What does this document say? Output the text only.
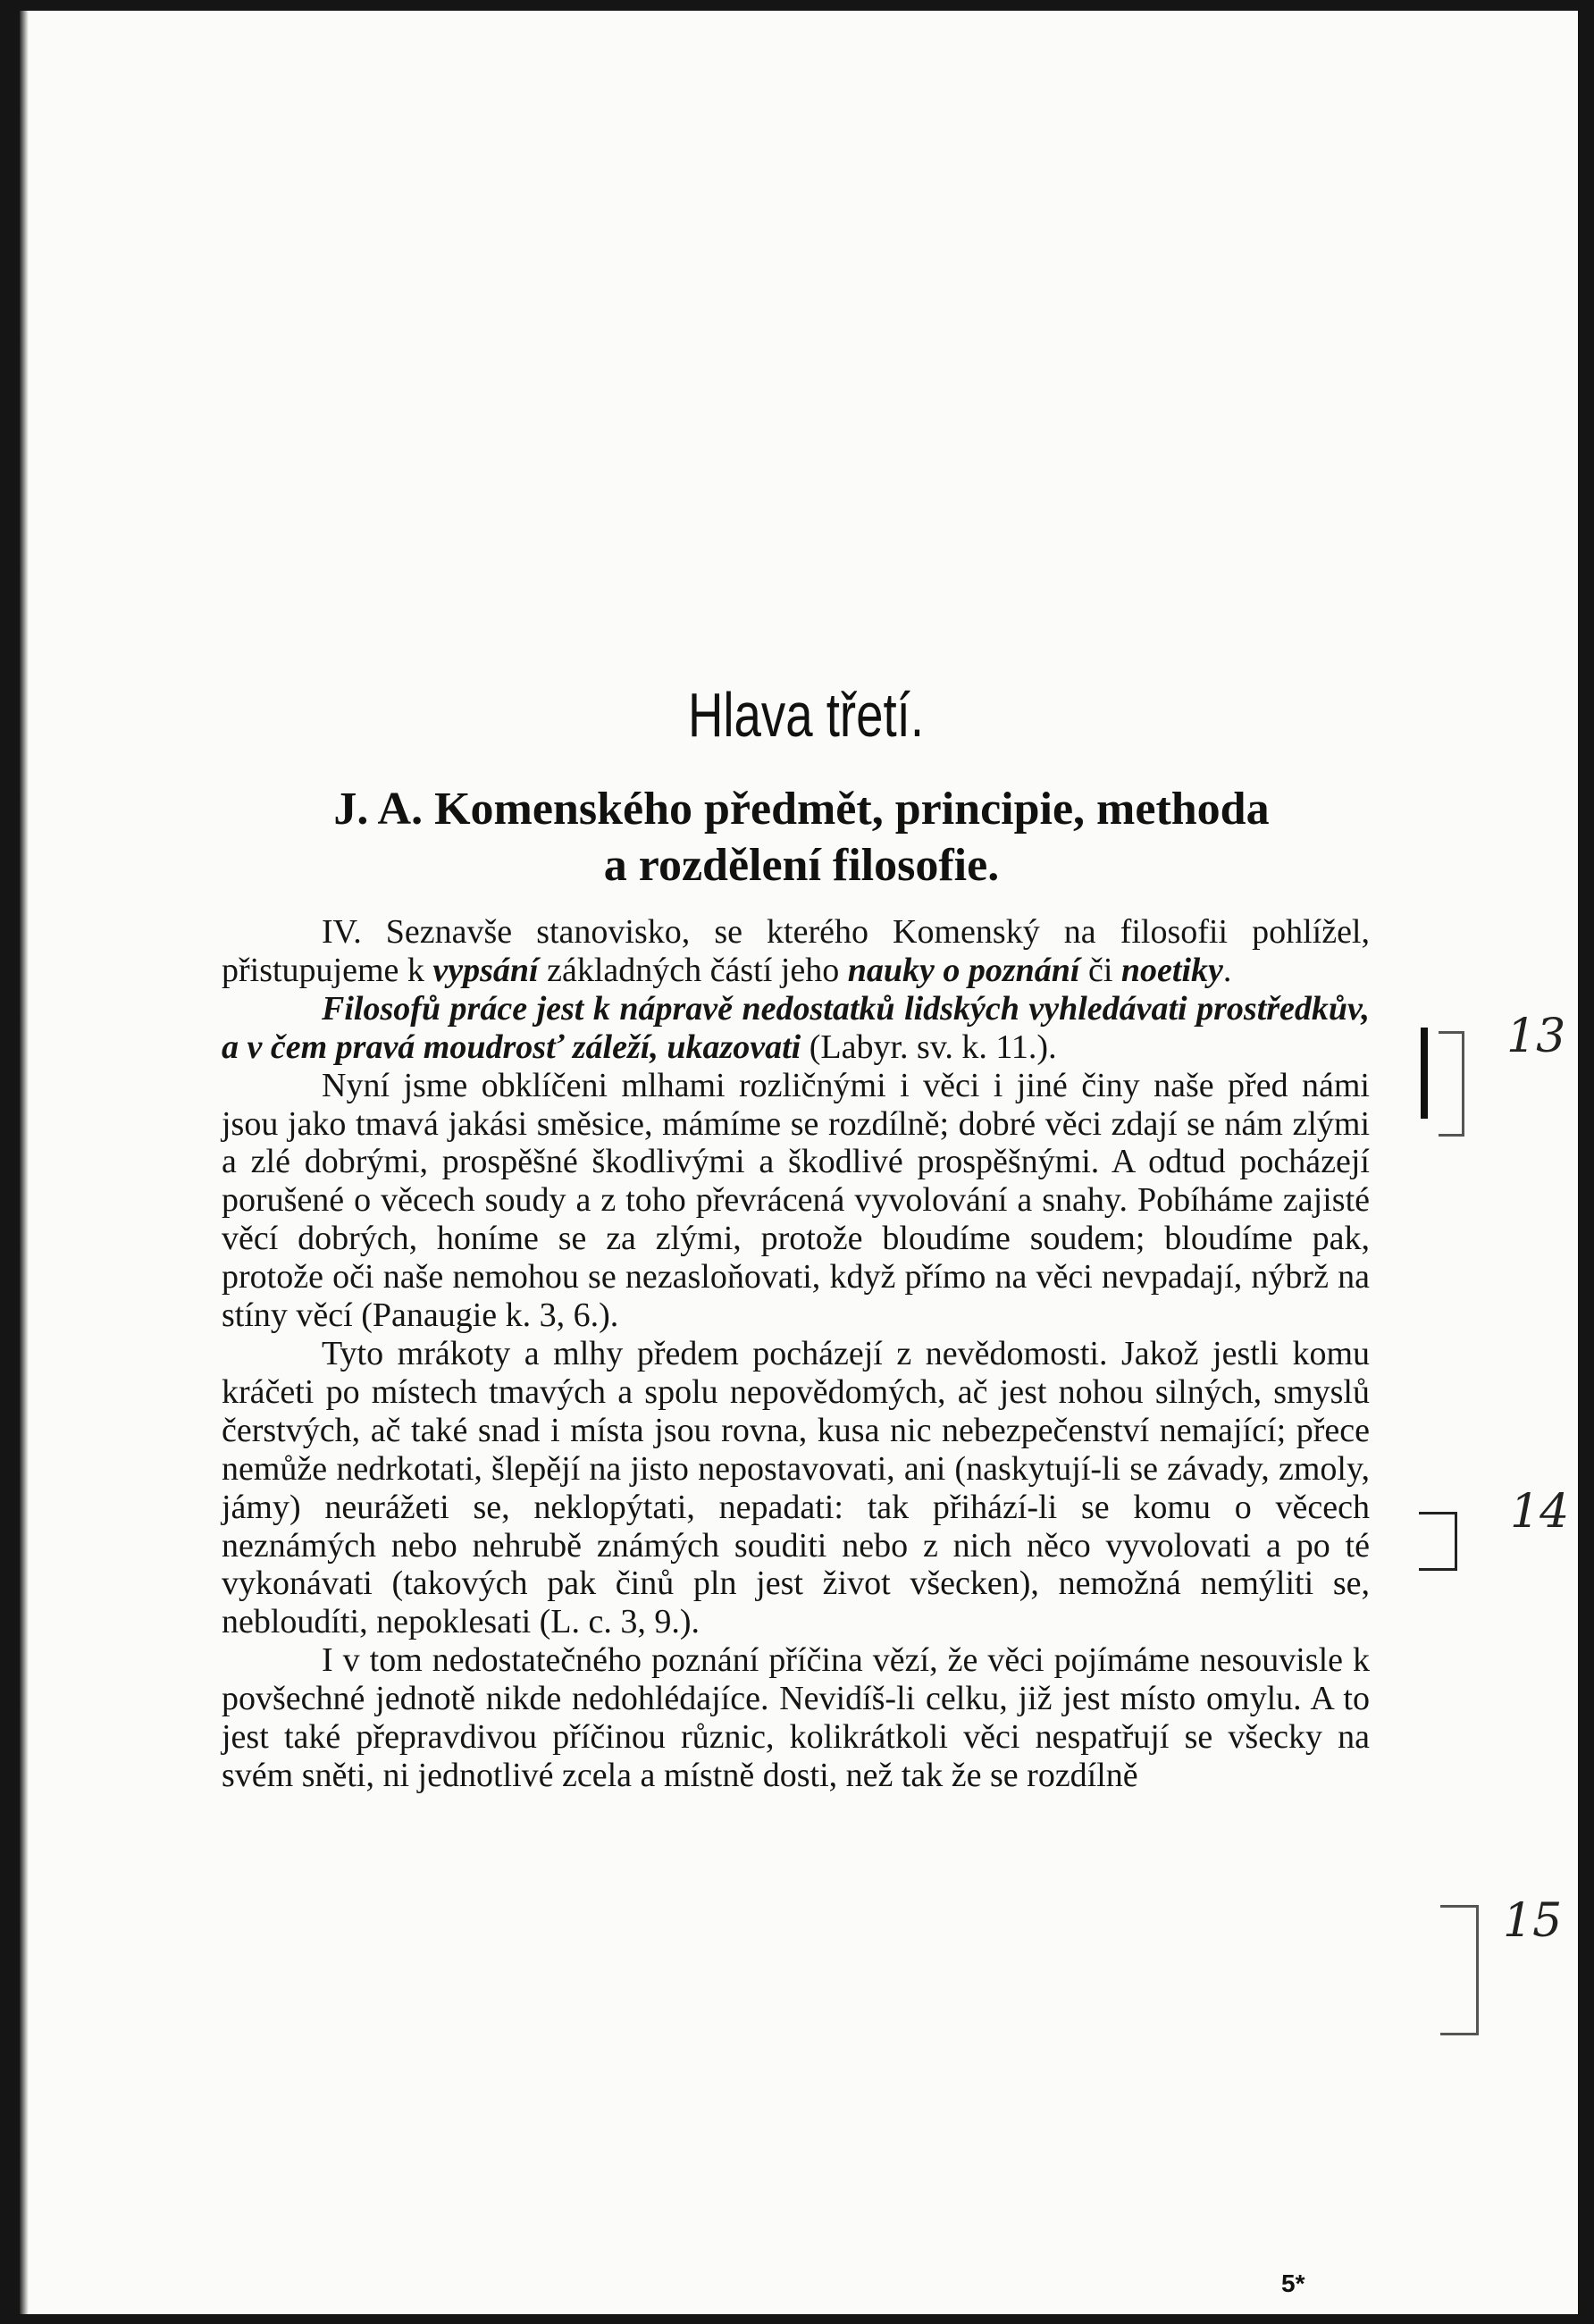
Hlava třetí.
J. A. Komenského předmět, principie, methoda
a rozdělení filosofie.

IV. Seznavše stanovisko, se kterého Komenský na filosofii pohlížel, přistupujeme k vypsání základných částí jeho nauky o poznání či noetiky.

Filosofů práce jest k nápravě nedostatků lidských vyhledávati prostředkův, a v čem pravá moudrosť záleží, ukazovati (Labyr. sv. k. 11.).

Nyní jsme obklíčeni mlhami rozličnými i věci i jiné činy naše před námi jsou jako tmavá jakási směsice, mámíme se rozdílně; dobré věci zdají se nám zlými a zlé dobrými, prospěšné škodlivými a škodlivé prospěšnými. A odtud pocházejí porušené o věcech soudy a z toho převrácená vyvolování a snahy. Pobíháme zajisté věcí dobrých, honíme se za zlými, protože bloudíme soudem; bloudíme pak, protože oči naše nemohou se nezasloňovati, když přímo na věci nevpadají, nýbrž na stíny věcí (Panaugie k. 3, 6.).

Tyto mrákoty a mlhy předem pocházejí z nevědomosti. Jakož jestli komu kráčeti po místech tmavých a spolu nepovědomých, ač jest nohou silných, smyslů čerstvých, ač také snad i místa jsou rovna, kusa nic nebezpečenství nemající; přece nemůže nedrkotati, šlepějí na jisto nepostavovati, ani (naskytují-li se závady, zmoly, jámy) neurážeti se, neklopýtati, nepadati: tak přihází-li se komu o věcech neznámých nebo nehrubě známých souditi nebo z nich něco vyvolovati a po té vykonávati (takových pak činů pln jest život všecken), nemožná nemýliti se, nebloudíti, nepoklesati (L. c. 3, 9.).

I v tom nedostatečného poznání příčina vězí, že věci pojímáme nesouvisle k povšechné jednotě nikde nedohlédajíce. Nevidíš-li celku, již jest místo omylu. A to jest také přepravdivou příčinou různic, kolikrátkoli věci nespatřují se všecky na svém sněti, ni jednotlivé zcela a místně dosti, než tak že se rozdílně

5*
13
14
15
